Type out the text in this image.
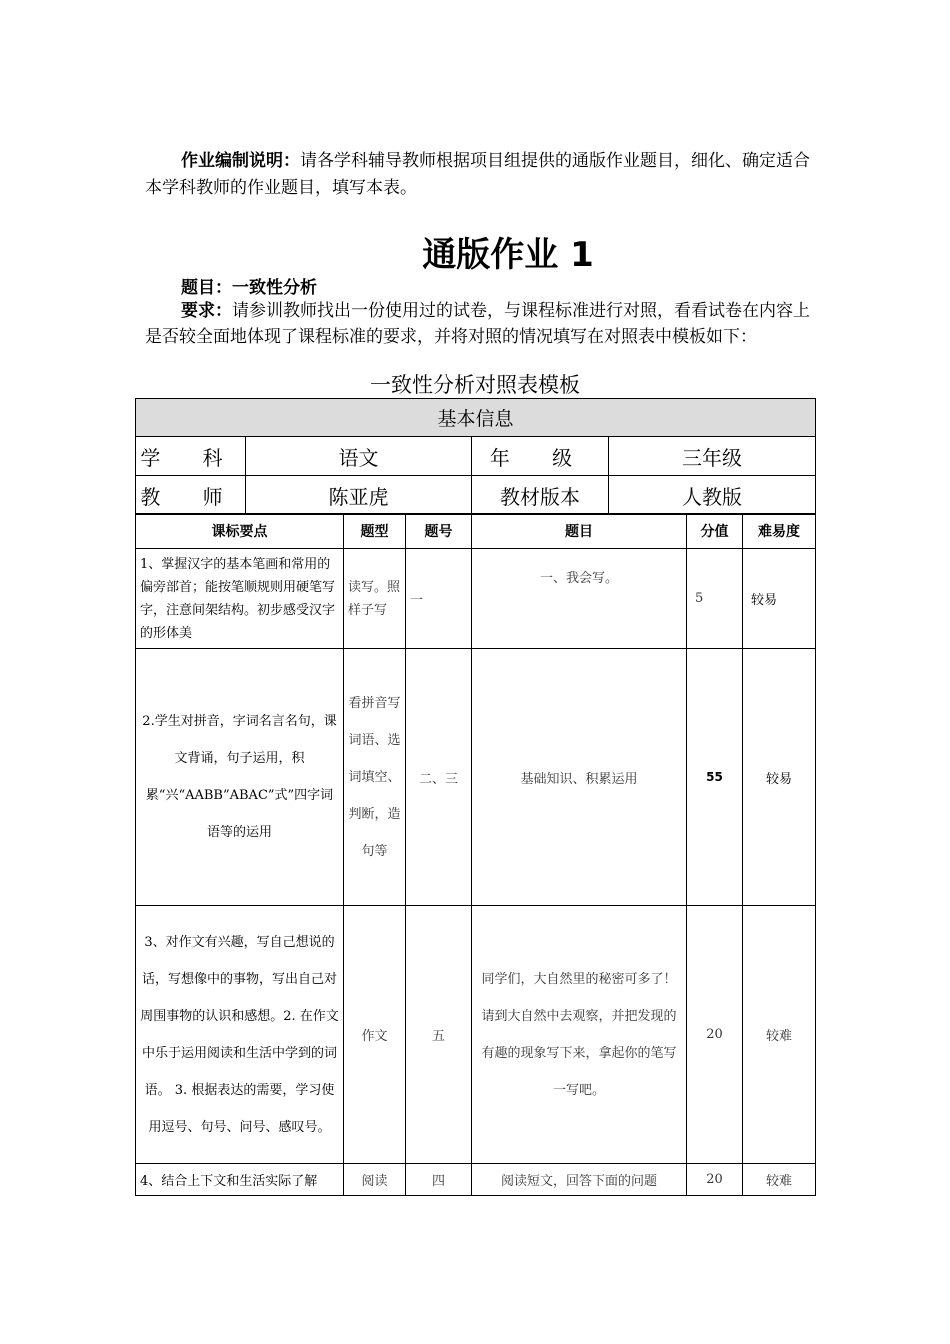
作业编制说明：请各学科辅导教师根据项目组提供的通版作业题目，细化、确定适合本学科教师的作业题目，填写本表。

通版作业 1

题目：一致性分析

要求：请参训教师找出一份使用过的试卷，与课程标准进行对照，看看试卷在内容上是否较全面地体现了课程标准的要求，并将对照的情况填写在对照表中模板如下：

一致性分析对照表模板
基本信息			
学 科	语文	年 级	三年级
教 师	陈亚虎	教材版本	人教版
课标要点	题型	题号	题目	分值	难易度
1、掌握汉字的基本笔画和常用的偏旁部首；能按笔顺规则用硬笔写字，注意间架结构。初步感受汉字的形体美	读写。照样子写	一	一、我会写。	5	较易
2.学生对拼音，字词名言名句，课文背诵，句子运用，积累“兴“AABB”ABAC”式”四字词语等的运用	看拼音写词语、选词填空、判断，造句等	二、三	基础知识、积累运用	55	较易
3、对作文有兴趣，写自己想说的话，写想像中的事物，写出自己对周围事物的认识和感想。2. 在作文中乐于运用阅读和生活中学到的词语。 3. 根据表达的需要，学习使用逗号、句号、问号、感叹号。	作文	五	同学们，大自然里的秘密可多了！请到大自然中去观察，并把发现的有趣的现象写下来，拿起你的笔写一写吧。	20	较难
4、结合上下文和生活实际了解	阅读	四	阅读短文，回答下面的问题	20	较难
